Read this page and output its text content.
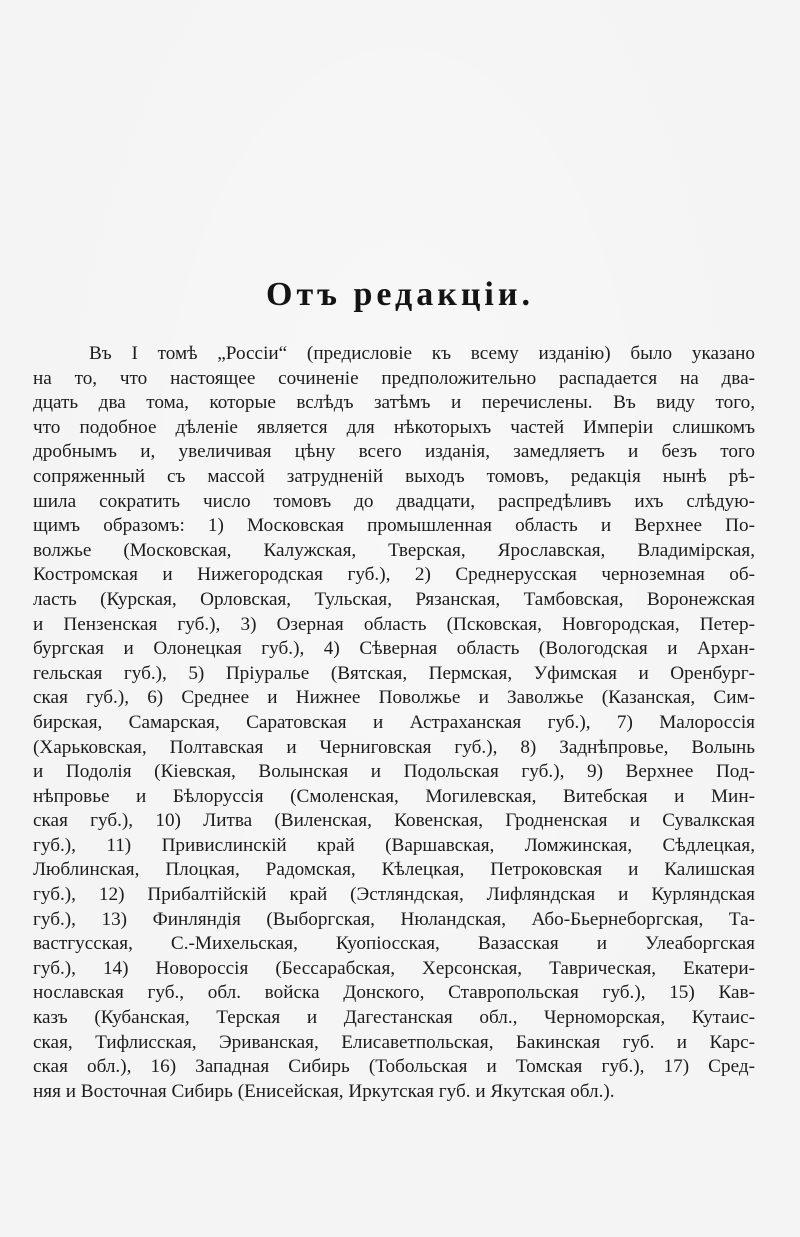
Отъ редакціи.
Въ I томѣ „Россіи“ (предисловіе къ всему изданію) было указано
на то, что настоящее сочиненіе предположительно распадается на два-
дцать два тома, которые вслѣдъ затѣмъ и перечислены. Въ виду того,
что подобное дѣленіе является для нѣкоторыхъ частей Имперіи слишкомъ
дробнымъ и, увеличивая цѣну всего изданія, замедляетъ и безъ того
сопряженный съ массой затрудненій выходъ томовъ, редакція нынѣ рѣ-
шила сократить число томовъ до двадцати, распредѣливъ ихъ слѣдую-
щимъ образомъ: 1) Московская промышленная область и Верхнее По-
волжье (Московская, Калужская, Тверская, Ярославская, Владимірская,
Костромская и Нижегородская губ.), 2) Среднерусская черноземная об-
ласть (Курская, Орловская, Тульская, Рязанская, Тамбовская, Воронежская
и Пензенская губ.), 3) Озерная область (Псковская, Новгородская, Петер-
бургская и Олонецкая губ.), 4) Сѣверная область (Вологодская и Архан-
гельская губ.), 5) Пріуралье (Вятская, Пермская, Уфимская и Оренбург-
ская губ.), 6) Среднее и Нижнее Поволжье и Заволжье (Казанская, Сим-
бирская, Самарская, Саратовская и Астраханская губ.), 7) Малороссія
(Харьковская, Полтавская и Черниговская губ.), 8) Заднѣпровье, Волынь
и Подолія (Кіевская, Волынская и Подольская губ.), 9) Верхнее Под-
нѣпровье и Бѣлоруссія (Смоленская, Могилевская, Витебская и Мин-
ская губ.), 10) Литва (Виленская, Ковенская, Гродненская и Сувалкская
губ.), 11) Привислинскій край (Варшавская, Ломжинская, Сѣдлецкая,
Люблинская, Плоцкая, Радомская, Кѣлецкая, Петроковская и Калишская
губ.), 12) Прибалтійскій край (Эстляндская, Лифляндская и Курляндская
губ.), 13) Финляндія (Выборгская, Нюландская, Або-Бьернеборгская, Та-
вастгусская, С.-Михельская, Куопіосская, Вазасская и Улеаборгская
губ.), 14) Новороссія (Бессарабская, Херсонская, Таврическая, Екатери-
нославская губ., обл. войска Донского, Ставропольская губ.), 15) Кав-
казъ (Кубанская, Терская и Дагестанская обл., Черноморская, Кутаис-
ская, Тифлисская, Эриванская, Елисаветпольская, Бакинская губ. и Карс-
ская обл.), 16) Западная Сибирь (Тобольская и Томская губ.), 17) Сред-
няя и Восточная Сибирь (Енисейская, Иркутская губ. и Якутская обл.).
